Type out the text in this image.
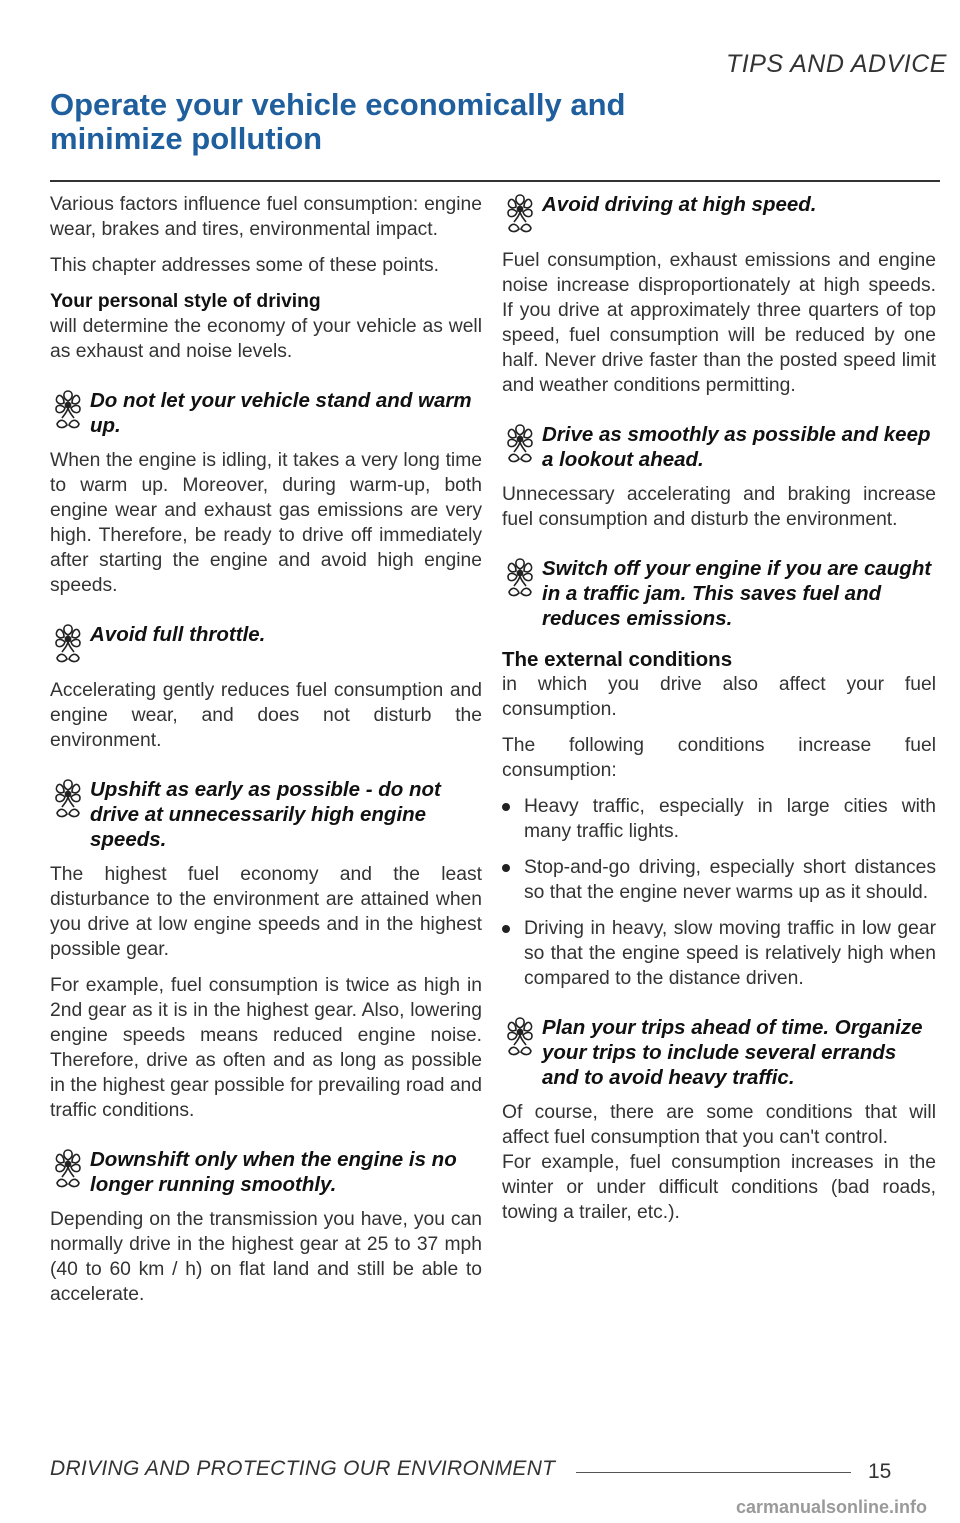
TIPS AND ADVICE
Operate your vehicle economically and minimize pollution

Various factors influence fuel consumption: engine wear, brakes and tires, environmental impact.

This chapter addresses some of these points.

Your personal style of driving

will determine the economy of your vehicle as well as exhaust and noise levels.

Do not let your vehicle stand and warm up.

When the engine is idling, it takes a very long time to warm up. Moreover, during warm-up, both engine wear and exhaust gas emissions are very high. Therefore, be ready to drive off immediately after starting the engine and avoid high engine speeds.

Avoid full throttle.

Accelerating gently reduces fuel consumption and engine wear, and does not disturb the environment.

Upshift as early as possible - do not drive at unnecessarily high engine speeds.

The highest fuel economy and the least disturbance to the environment are attained when you drive at low engine speeds and in the highest possible gear.

For example, fuel consumption is twice as high in 2nd gear as it is in the highest gear. Also, lowering engine speeds means reduced engine noise. Therefore, drive as often and as long as possible in the highest gear possible for prevailing road and traffic conditions.

Downshift only when the engine is no longer running smoothly.

Depending on the transmission you have, you can normally drive in the highest gear at 25 to 37 mph (40 to 60 km / h) on flat land and still be able to accelerate.

Avoid driving at high speed.

Fuel consumption, exhaust emissions and engine noise increase disproportionately at high speeds. If you drive at approximately three quarters of top speed, fuel consumption will be reduced by one half. Never drive faster than the posted speed limit and weather conditions permitting.

Drive as smoothly as possible and keep a lookout ahead.

Unnecessary accelerating and braking increase fuel consumption and disturb the environment.

Switch off your engine if you are caught in a traffic jam. This saves fuel and reduces emissions.

The external conditions

in which you drive also affect your fuel consumption.

The following conditions increase fuel consumption:

Heavy traffic, especially in large cities with many traffic lights.
Stop-and-go driving, especially short distances so that the engine never warms up as it should.
Driving in heavy, slow moving traffic in low gear so that the engine speed is relatively high when compared to the distance driven.
Plan your trips ahead of time. Organize your trips to include several errands and to avoid heavy traffic.

Of course, there are some conditions that will affect fuel consumption that you can't control.

For example, fuel consumption increases in the winter or under difficult conditions (bad roads, towing a trailer, etc.).

DRIVING AND PROTECTING OUR ENVIRONMENT	15
carmanualsonline.info
